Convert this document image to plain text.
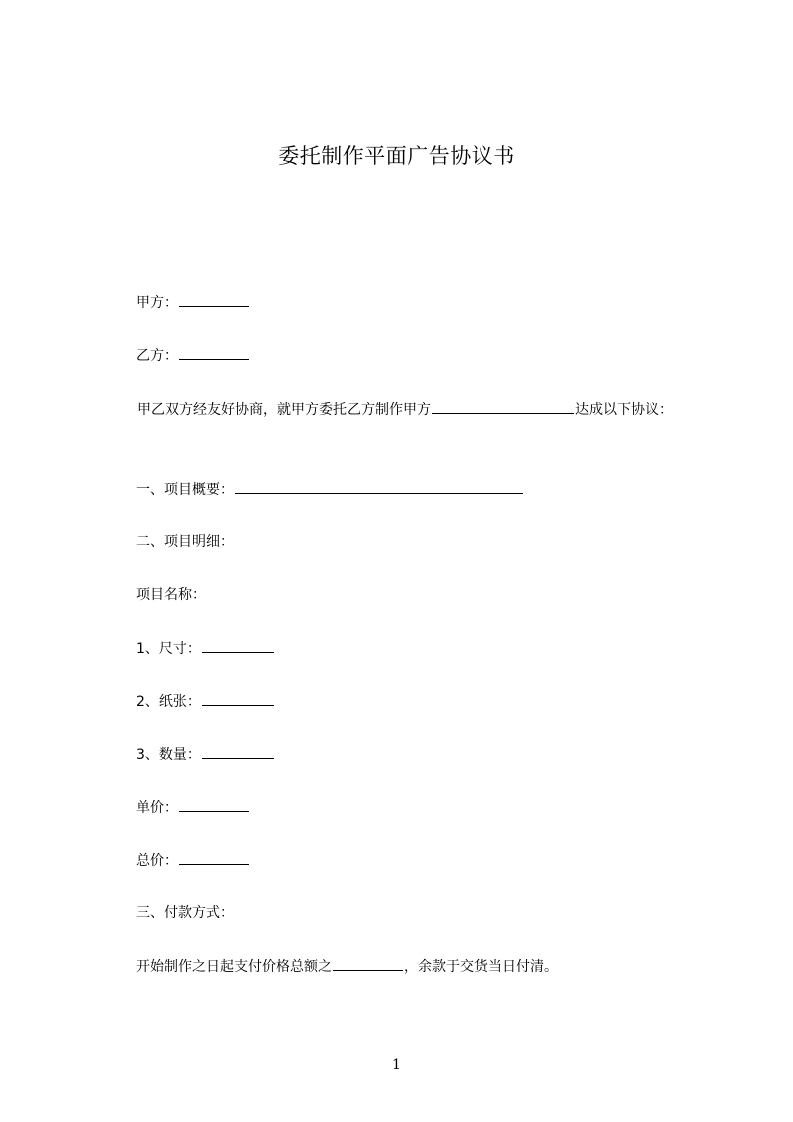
委托制作平面广告协议书
甲方：
乙方：
甲乙双方经友好协商，就甲方委托乙方制作甲方	达成以下协议：
一、项目概要：
二、项目明细：
项目名称：
1、尺寸：
2、纸张：
3、数量：
单价：
总价：
三、付款方式：
开始制作之日起支付价格总额之	，余款于交货当日付清。
1
